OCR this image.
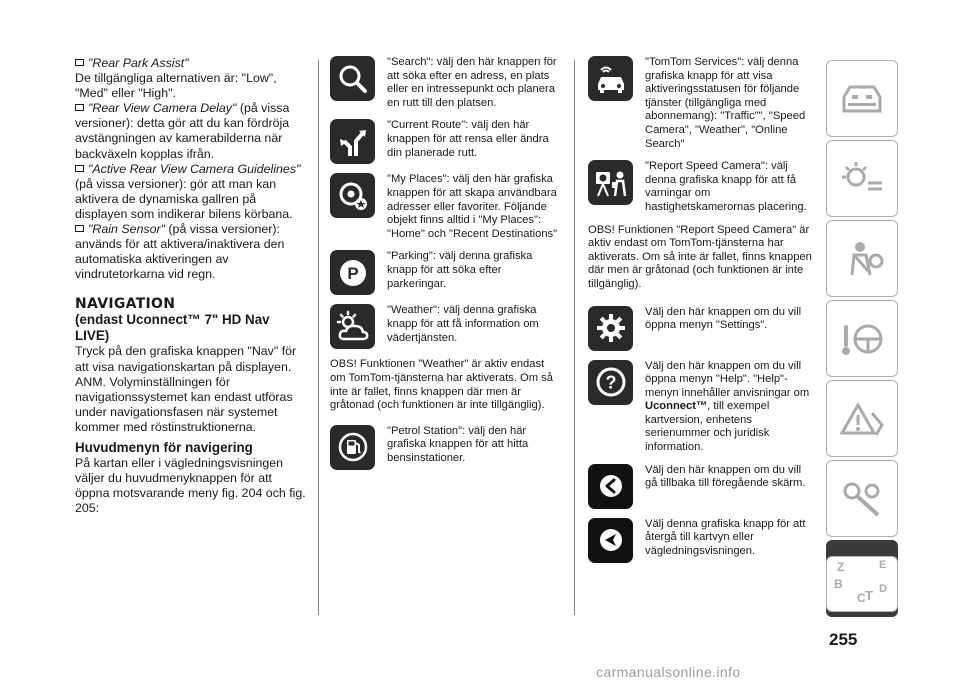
"Rear Park Assist"

De tillgängliga alternativen är: "Low", "Med" eller "High".

"Rear View Camera Delay" (på vissa versioner): detta gör att du kan fördröja avstängningen av kamerabilderna när backväxeln kopplas ifrån.

"Active Rear View Camera Guidelines" (på vissa versioner): gör att man kan aktivera de dynamiska gallren på displayen som indikerar bilens körbana.

"Rain Sensor" (på vissa versioner): används för att aktivera/inaktivera den automatiska aktiveringen av vindrutetorkarna vid regn.

NAVIGATION
(endast Uconnect™ 7" HD Nav LIVE)

Tryck på den grafiska knappen "Nav" för att visa navigationskartan på displayen.

ANM. Volyminställningen för navigationssystemet kan endast utföras under navigationsfasen när systemet kommer med röstinstruktionerna.

Huvudmenyn för navigering

På kartan eller i vägledningsvisningen väljer du huvudmenyknappen för att öppna motsvarande meny fig. 204 och fig. 205:

"Search": välj den här knappen för att söka efter en adress, en plats eller en intressepunkt och planera en rutt till den platsen.

"Current Route": välj den här knappen för att rensa eller ändra din planerade rutt.

"My Places": välj den här grafiska knappen för att skapa användbara adresser eller favoriter. Följande objekt finns alltid i "My Places": "Home" och "Recent Destinations"

P

"Parking": välj denna grafiska knapp för att söka efter parkeringar.

"Weather": välj denna grafiska knapp för att få information om vädertjänsten.

OBS! Funktionen "Weather" är aktiv endast om TomTom-tjänsterna har aktiverats. Om så inte är fallet, finns knappen där men är gråtonad (och funktionen är inte tillgänglig).

"Petrol Station": välj den här grafiska knappen för att hitta bensinstationer.

"TomTom Services": välj denna grafiska knapp för att visa aktiveringsstatusen för följande tjänster (tillgängliga med abonnemang): "Traffic"", "Speed Camera", "Weather", "Online Search"

"Report Speed Camera": välj denna grafiska knapp för att få varningar om hastighetskamerornas placering.

OBS! Funktionen "Report Speed Camera" är aktiv endast om TomTom-tjänsterna har aktiverats. Om så inte är fallet, finns knappen där men är gråtonad (och funktionen är inte tillgänglig).

Välj den här knappen om du vill öppna menyn "Settings".

?

Välj den här knappen om du vill öppna menyn "Help". "Help"-menyn innehåller anvisningar om Uconnect™, till exempel kartversion, enhetens serienummer och juridisk information.

Välj den här knappen om du vill gå tillbaka till föregående skärm.

Välj denna grafiska knapp för att återgå till kartvyn eller vägledningsvisningen.

Z	E
B
C T D
255
carmanualsonline.info
